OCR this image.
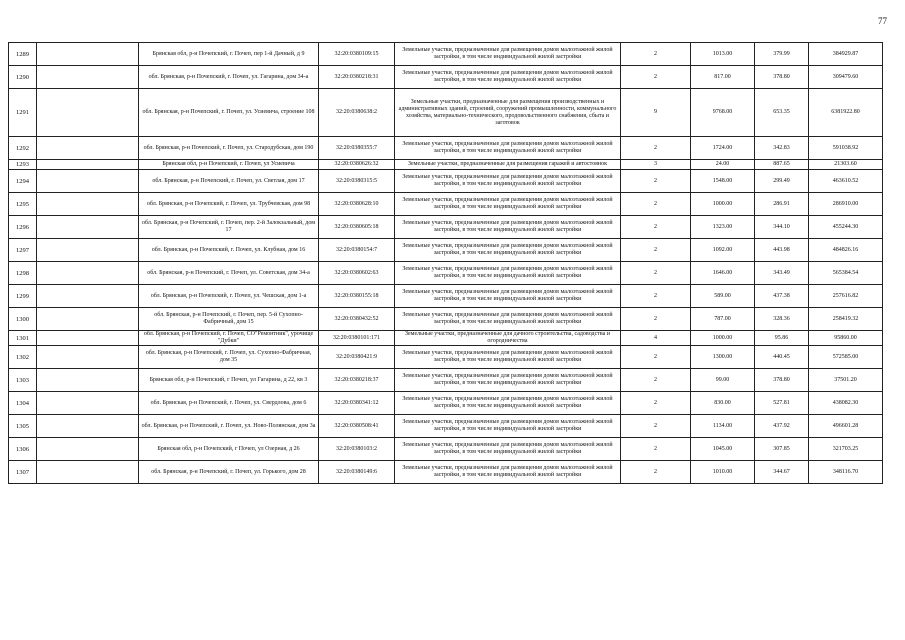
77
1289		Брянская обл, р-н Почепский, г. Почеп, пер 1-й Дачный, д 9	32:20:0380109:15	Земельные участки, предназначенные для размещения домов малоэтажной жилой застройки, в том числе индивидуальной жилой застройки	2	1013.00	379.99	384929.87
1290		обл. Брянская, р-н Почепский, г. Почеп, ул. Гагарина, дом 34-а	32:20:0380218:31	Земельные участки, предназначенные для размещения домов малоэтажной жилой застройки, в том числе индивидуальной жилой застройки	2	817.00	378.80	309479.60
1291		обл. Брянская, р-н Почепский, г. Почеп, ул. Усиевича, строение 108	32:20:0380638:2	Земельные участки, предназначенные для размещения производственных и административных зданий, строений, сооружений промышленности, коммунального хозяйства, материально-технического, продовольственного снабжения, сбыта и заготовок	9	9768.00	653.35	6381922.80
1292		обл. Брянская, р-н Почепский, г. Почеп, ул. Стародубская, дом 190	32:20:0380355:7	Земельные участки, предназначенные для размещения домов малоэтажной жилой застройки, в том числе индивидуальной жилой застройки	2	1724.00	342.83	591038.92
1293		Брянская обл, р-н Почепский, г. Почеп, ул Усиевича	32:20:0380626:32	Земельные участки, предназначенные для размещения гаражей и автостоянок	3	24.00	887.65	21303.60
1294		обл. Брянская, р-н Почепский, г. Почеп, ул. Светлая, дом 17	32:20:0380315:5	Земельные участки, предназначенные для размещения домов малоэтажной жилой застройки, в том числе индивидуальной жилой застройки	2	1548.00	299.49	463610.52
1295		обл. Брянская, р-н Почепский, г. Почеп, ул. Трубчевская, дом 98	32:20:0380628:10	Земельные участки, предназначенные для размещения домов малоэтажной жилой застройки, в том числе индивидуальной жилой застройки	2	1000.00	286.91	286910.00
1296		обл. Брянская, р-н Почепский, г. Почеп, пер. 2-й Залокзальный, дом 17	32:20:0380605:18	Земельные участки, предназначенные для размещения домов малоэтажной жилой застройки, в том числе индивидуальной жилой застройки	2	1323.00	344.10	455244.30
1297		обл. Брянская, р-н Почепский, г. Почеп, ул. Клубная, дом 16	32:20:0380154:7	Земельные участки, предназначенные для размещения домов малоэтажной жилой застройки, в том числе индивидуальной жилой застройки	2	1092.00	443.98	484826.16
1298		обл. Брянская, р-н Почепский, г. Почеп, ул. Советская, дом 34-а	32:20:0380602:63	Земельные участки, предназначенные для размещения домов малоэтажной жилой застройки, в том числе индивидуальной жилой застройки	2	1646.00	343.49	565384.54
1299		обл. Брянская, р-н Почепский, г. Почеп, ул. Чешская, дом 1-а	32:20:0380155:18	Земельные участки, предназначенные для размещения домов малоэтажной жилой застройки, в том числе индивидуальной жилой застройки	2	589.00	437.38	257616.82
1300		обл. Брянская, р-н Почепский, г. Почеп, пер. 5-й Сухопно-Фабричный, дом 15	32:20:0380432:52	Земельные участки, предназначенные для размещения домов малоэтажной жилой застройки, в том числе индивидуальной жилой застройки	2	787.00	328.36	258419.32
1301		обл. Брянская, р-н Почепский, г. Почеп, СО"Ремонтник", урочище "Дубки"	32:20:0380101:171	Земельные участки, предназначенные для дачного строительства, садоводства и огородничества	4	1000.00	95.86	95860.00
1302		обл. Брянская, р-н Почепский, г. Почеп, ул. Сухопно-Фабричная, дом 35	32:20:0380421:9	Земельные участки, предназначенные для размещения домов малоэтажной жилой застройки, в том числе индивидуальной жилой застройки	2	1300.00	440.45	572585.00
1303		Брянская обл, р-н Почепский, г Почеп, ул Гагарина, д 22, кв 3	32:20:0380218:37	Земельные участки, предназначенные для размещения домов малоэтажной жилой застройки, в том числе индивидуальной жилой застройки	2	99.00	378.80	37501.20
1304		обл. Брянская, р-н Почепский, г. Почеп, ул. Свердлова, дом 6	32:20:0380341:12	Земельные участки, предназначенные для размещения домов малоэтажной жилой застройки, в том числе индивидуальной жилой застройки	2	830.00	527.81	438082.30
1305		обл. Брянская, р-н Почепский, г. Почеп, ул. Ново-Полянская, дом 3а	32:20:0380508:41	Земельные участки, предназначенные для размещения домов малоэтажной жилой застройки, в том числе индивидуальной жилой застройки	2	1134.00	437.92	496601.28
1306		Брянская обл, р-н Почепский, г Почеп, ул Озерная, д 26	32:20:0380103:2	Земельные участки, предназначенные для размещения домов малоэтажной жилой застройки, в том числе индивидуальной жилой застройки	2	1045.00	307.85	321703.25
1307		обл. Брянская, р-н Почепский, г. Почеп, ул. Горького, дом 28	32:20:0380149:6	Земельные участки, предназначенные для размещения домов малоэтажной жилой застройки, в том числе индивидуальной жилой застройки	2	1010.00	344.67	348116.70
